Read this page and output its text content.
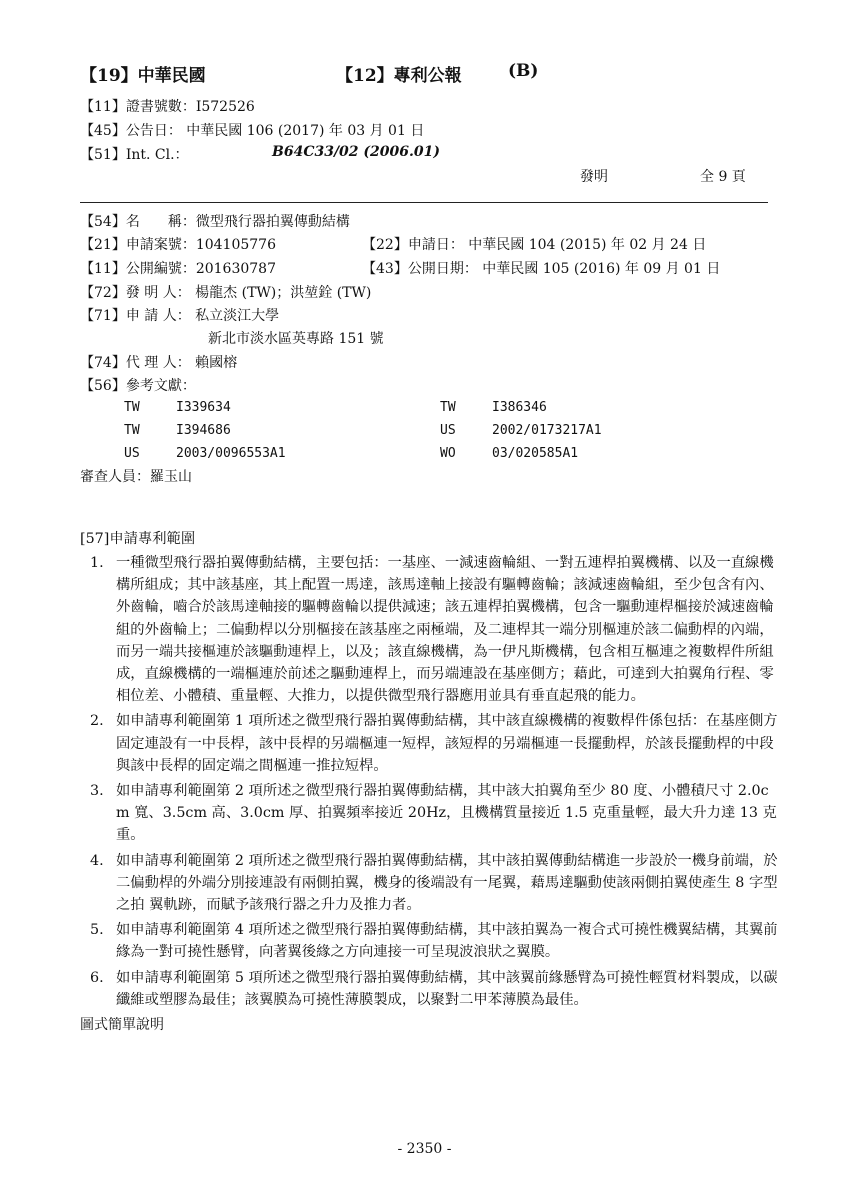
【19】中華民國	【12】專利公報	(B)
【11】證書號數：I572526
【45】公告日： 中華民國 106 (2017) 年 03 月 01 日
【51】Int. Cl.：	B64C33/02 (2006.01)
發明	全 9 頁
【54】名　　稱：微型飛行器拍翼傳動結構
【21】申請案號：104105776	【22】申請日： 中華民國 104 (2015) 年 02 月 24 日
【11】公開編號：201630787	【43】公開日期： 中華民國 105 (2016) 年 09 月 01 日
【72】發 明 人： 楊龍杰 (TW)；洪堃銓 (TW)
【71】申 請 人： 私立淡江大學
新北市淡水區英專路 151 號
【74】代 理 人： 賴國榕
【56】參考文獻：
TW	I339634	TW	I386346
TW	I394686	US	2002/0173217A1
US	2003/0096553A1	WO	03/020585A1
審查人員：羅玉山
[57]申請專利範圍
1. 一種微型飛行器拍翼傳動結構，主要包括：一基座、一減速齒輪組、一對五連桿拍翼機構、以及一直線機構所組成；其中該基座，其上配置一馬達，該馬達軸上接設有驅轉齒輪；該減速齒輪組，至少包含有內、外齒輪，嚙合於該馬達軸接的驅轉齒輪以提供減速；該五連桿拍翼機構，包含一驅動連桿樞接於減速齒輪組的外齒輪上；二偏動桿以分別樞接在該基座之兩極端，及二連桿其一端分別樞連於該二偏動桿的內端，而另一端共接樞連於該驅動連桿上，以及；該直線機構，為一伊凡斯機構，包含相互樞連之複數桿件所組成，直線機構的一端樞連於前述之驅動連桿上，而另端連設在基座側方；藉此，可達到大拍翼角行程、零相位差、小體積、重量輕、大推力，以提供微型飛行器應用並具有垂直起飛的能力。
2. 如申請專利範圍第 1 項所述之微型飛行器拍翼傳動結構，其中該直線機構的複數桿件係包括：在基座側方固定連設有一中長桿，該中長桿的另端樞連一短桿，該短桿的另端樞連一長擺動桿，於該長擺動桿的中段與該中長桿的固定端之間樞連一推拉短桿。
3. 如申請專利範圍第 2 項所述之微型飛行器拍翼傳動結構，其中該大拍翼角至少 80 度、小體積尺寸 2.0cm 寬、3.5cm 高、3.0cm 厚、拍翼頻率接近 20Hz，且機構質量接近 1.5 克重量輕，最大升力達 13 克重。
4. 如申請專利範圍第 2 項所述之微型飛行器拍翼傳動結構，其中該拍翼傳動結構進一步設於一機身前端，於二偏動桿的外端分別接連設有兩側拍翼，機身的後端設有一尾翼，藉馬達驅動使該兩側拍翼使產生 8 字型之拍 翼軌跡，而賦予該飛行器之升力及推力者。
5. 如申請專利範圍第 4 項所述之微型飛行器拍翼傳動結構，其中該拍翼為一複合式可撓性機翼結構，其翼前緣為一對可撓性懸臂，向著翼後緣之方向連接一可呈現波浪狀之翼膜。
6. 如申請專利範圍第 5 項所述之微型飛行器拍翼傳動結構，其中該翼前緣懸臂為可撓性輕質材料製成，以碳纖維或塑膠為最佳；該翼膜為可撓性薄膜製成，以聚對二甲苯薄膜為最佳。
圖式簡單說明
- 2350 -
